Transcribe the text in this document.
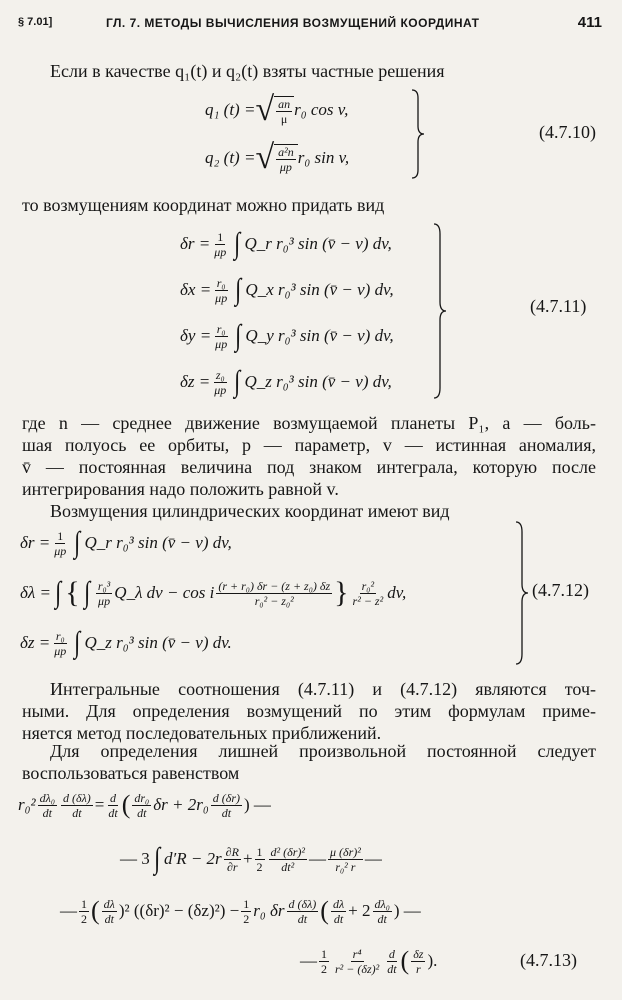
§ 7.01]	ГЛ. 7. МЕТОДЫ ВЫЧИСЛЕНИЯ ВОЗМУЩЕНИЙ КООРДИНАТ	411
Если в качестве q₁(t) и q₂(t) взяты частные решения
q₁ (t) = √ $\frac{an}{\mu} r_0$ cos v,
q₂ (t) = √ $\frac{\text{a²n}}{\mu p} r_0$ sin v,
(4.7.10)
то возмущениям координат можно придать вид
$\delta r = \frac{1}{\mu p}$ ∫ Q_r r₀³ sin (v̄ − v) dv,
$\delta x = \frac{\text{r₀}}{\mu p}$ ∫ Q_x r₀³ sin (v̄ − v) dv,
$\delta y = \frac{\text{r₀}}{\mu p}$ ∫ Q_y r₀³ sin (v̄ − v) dv,
$\delta z = \frac{\text{z₀}}{\mu p}$ ∫ Q_z r₀³ sin (v̄ − v) dv,
(4.7.11)
где n — среднее движение возмущаемой планеты P₁, a — боль-
шая полуось ее орбиты, p — параметр, v — истинная аномалия,
v̄ — постоянная величина под знаком интеграла, которую после
интегрирования надо положить равной v.
Возмущения цилиндрических координат имеют вид
$\delta r = \frac{1}{\mu p}$ ∫ Q_r r₀³ sin (v̄ − v) dv,
δλ = ∫ { ∫ $\frac{\text{r₀³}}{\mu p}$ Q_λ dv − cos i $\frac{\text{(r + r₀) δr − (z + z₀) δz}}{\text{r₀² − z₀²}}$ } $\frac{\text{r₀²}}{\text{r² − z²}}$ dv,
$\delta z = \frac{\text{r₀}}{\mu p}$ ∫ Q_z r₀³ sin (v̄ − v) dv.
(4.7.12)
Интегральные соотношения (4.7.11) и (4.7.12) являются точ-
ными. Для определения возмущений по этим формулам приме-
няется метод последовательных приближений.
Для определения лишней произвольной постоянной следует
воспользоваться равенством
$r_0^2 \frac{\text{dλ₀}}{dt} \frac{d (\delta\lambda)}{dt} = \frac{d}{dt}$ ( $\frac{\text{dr₀}}{dt}$ $\delta r + 2r_0 \frac{d (\delta r)}{dt}$ ) —
— 3 ∫ $d'R - 2r \frac{\partial R}{\partial r} + \frac{1}{2} \frac{\text{d² (δr)²}}{\text{dt²}}$ — $\frac{\text{μ (δr)²}}{\text{r₀² r}}$ —
— $\frac{1}{2}$ ( $\frac{d\lambda}{dt} )^2$ $((\delta r)^2 - (\delta z)^2) - \frac{1}{2} r_0$ δr $\frac{d (\delta\lambda)}{dt}$ ( $\frac{d\lambda}{dt} + 2 \frac{\text{dλ₀}}{dt}$ ) —
— $\frac{1}{2} \frac{\text{r⁴}}{\text{r² − (δz)²}} \frac{d}{dt}$ ( $\frac{\delta z}{r}$ ).	(4.7.13)
